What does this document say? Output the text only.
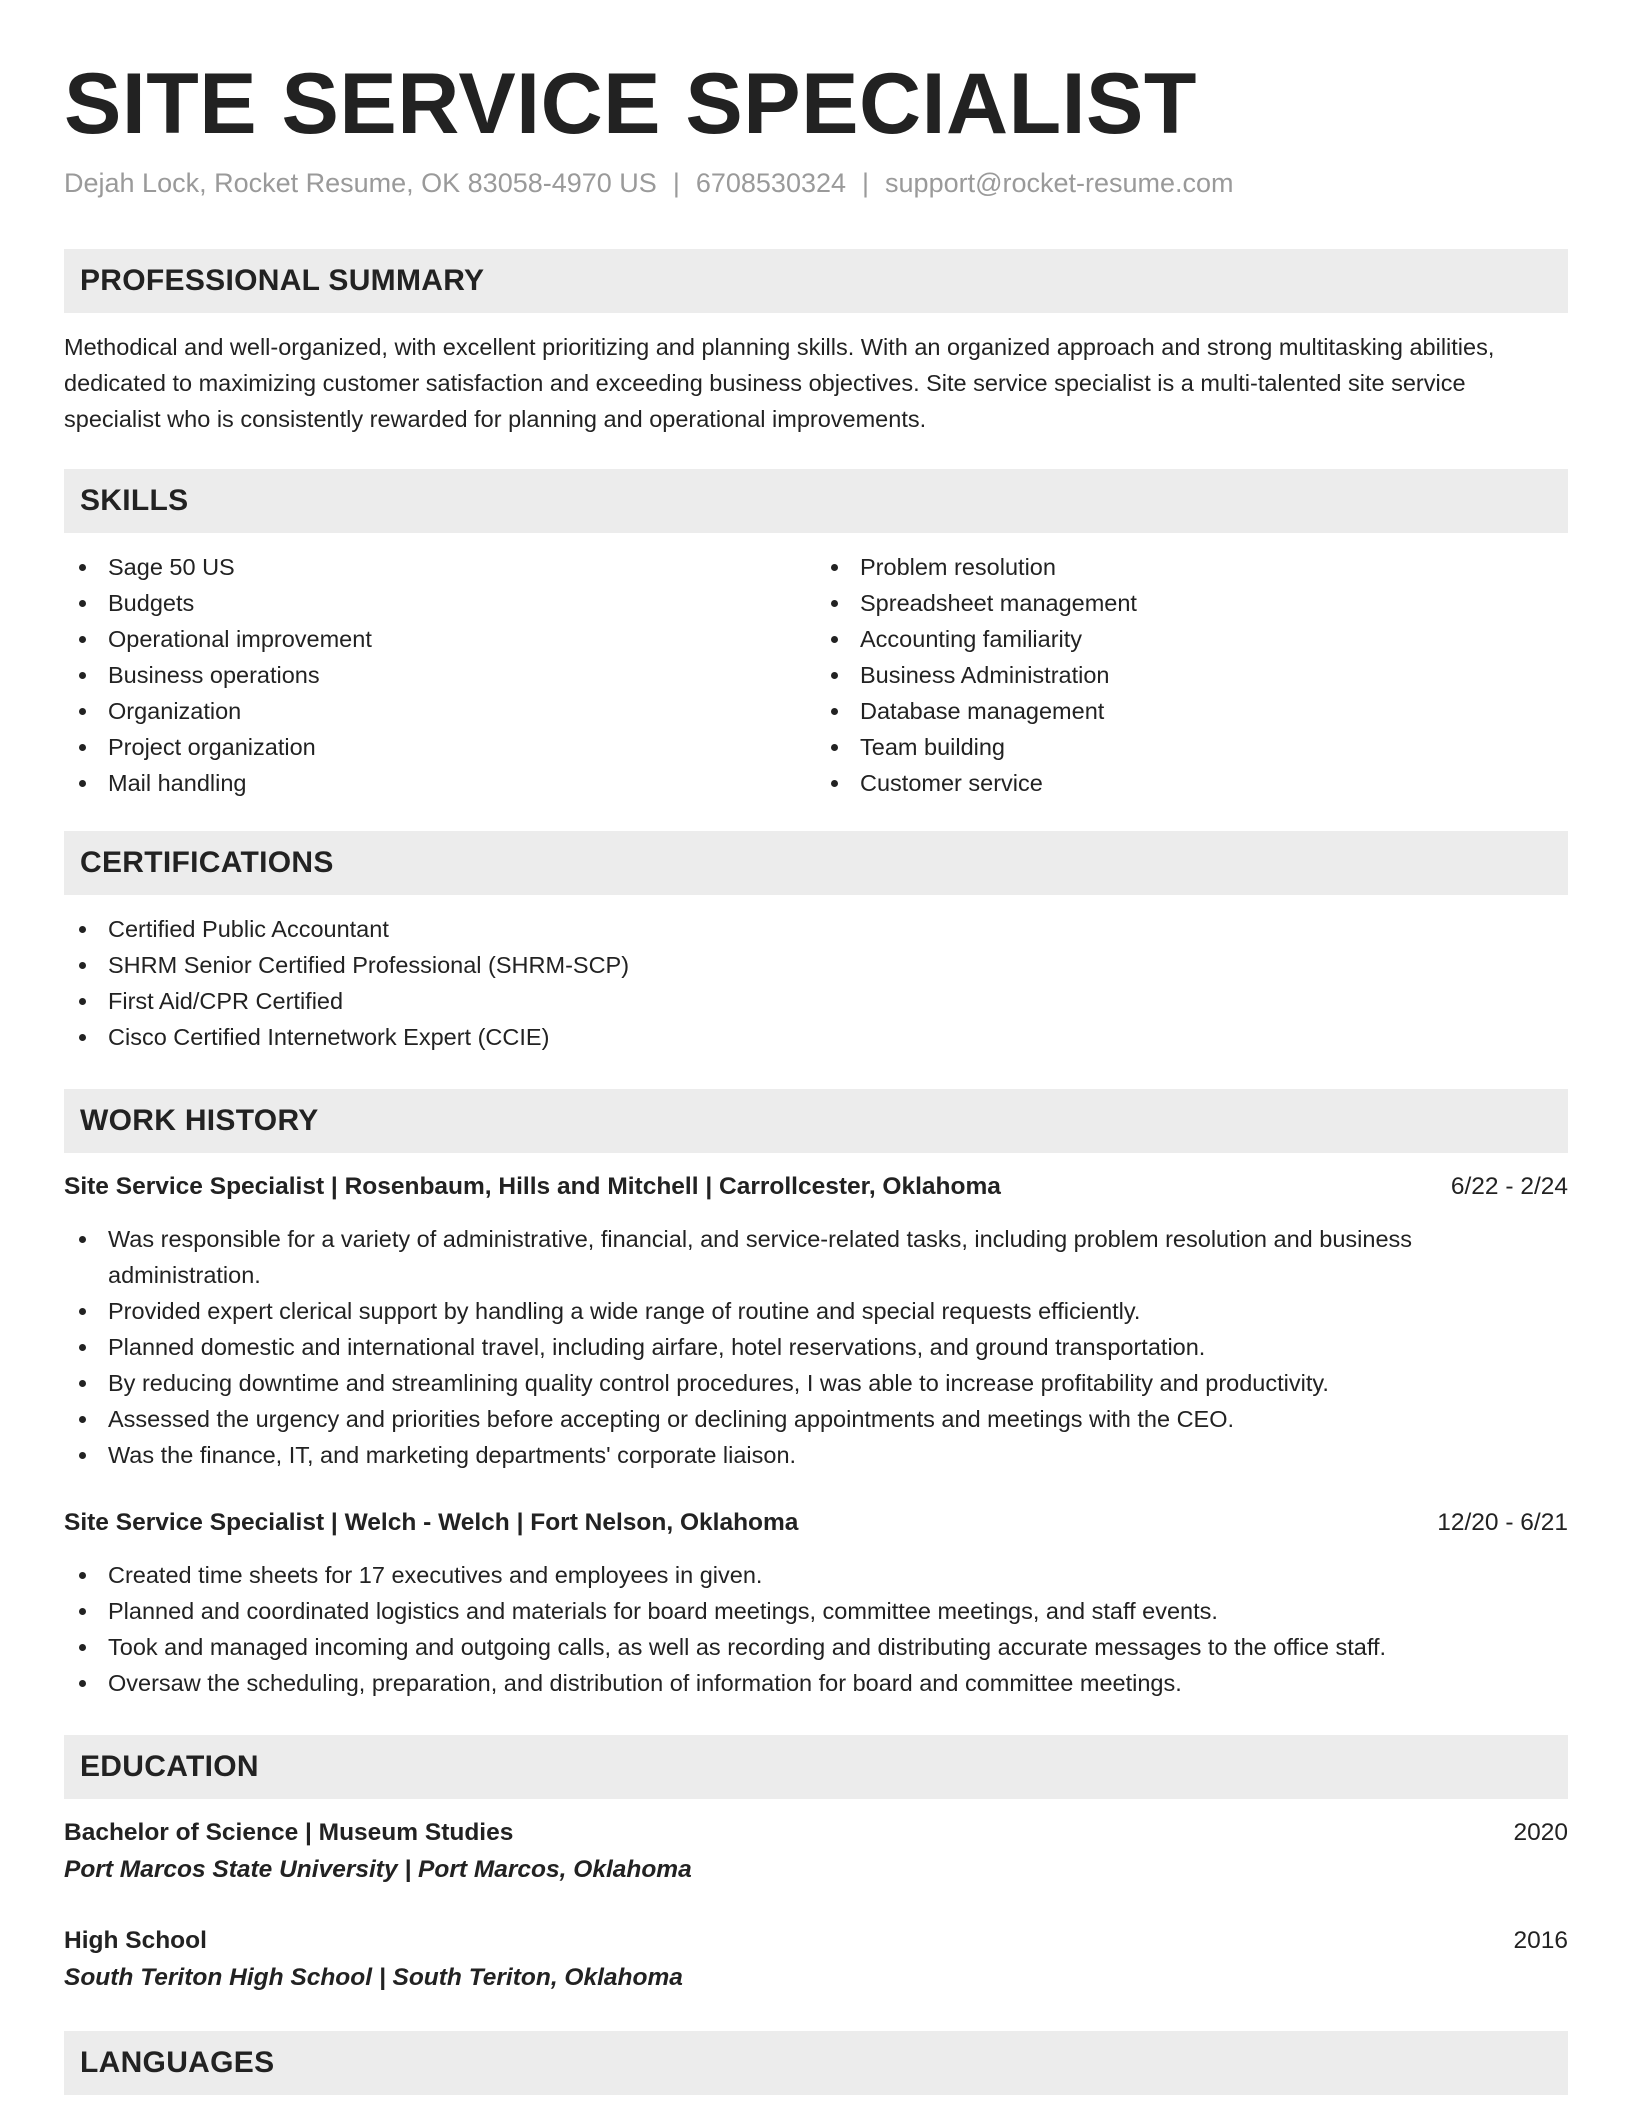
SITE SERVICE SPECIALIST
Dejah Lock, Rocket Resume, OK 83058-4970 US | 6708530324 | support@rocket-resume.com
PROFESSIONAL SUMMARY

Methodical and well-organized, with excellent prioritizing and planning skills. With an organized approach and strong multitasking abilities, dedicated to maximizing customer satisfaction and exceeding business objectives. Site service specialist is a multi-talented site service specialist who is consistently rewarded for planning and operational improvements.

SKILLS
Sage 50 US
Budgets
Operational improvement
Business operations
Organization
Project organization
Mail handling
Problem resolution
Spreadsheet management
Accounting familiarity
Business Administration
Database management
Team building
Customer service
CERTIFICATIONS
Certified Public Accountant
SHRM Senior Certified Professional (SHRM-SCP)
First Aid/CPR Certified
Cisco Certified Internetwork Expert (CCIE)
WORK HISTORY
Site Service Specialist | Rosenbaum, Hills and Mitchell | Carrollcester, Oklahoma	6/22 - 2/24
Was responsible for a variety of administrative, financial, and service-related tasks, including problem resolution and business administration.
Provided expert clerical support by handling a wide range of routine and special requests efficiently.
Planned domestic and international travel, including airfare, hotel reservations, and ground transportation.
By reducing downtime and streamlining quality control procedures, I was able to increase profitability and productivity.
Assessed the urgency and priorities before accepting or declining appointments and meetings with the CEO.
Was the finance, IT, and marketing departments' corporate liaison.
Site Service Specialist | Welch - Welch | Fort Nelson, Oklahoma	12/20 - 6/21
Created time sheets for 17 executives and employees in given.
Planned and coordinated logistics and materials for board meetings, committee meetings, and staff events.
Took and managed incoming and outgoing calls, as well as recording and distributing accurate messages to the office staff.
Oversaw the scheduling, preparation, and distribution of information for board and committee meetings.
EDUCATION
Bachelor of Science | Museum Studies	2020
Port Marcos State University | Port Marcos, Oklahoma
High School	2016
South Teriton High School | South Teriton, Oklahoma
LANGUAGES
